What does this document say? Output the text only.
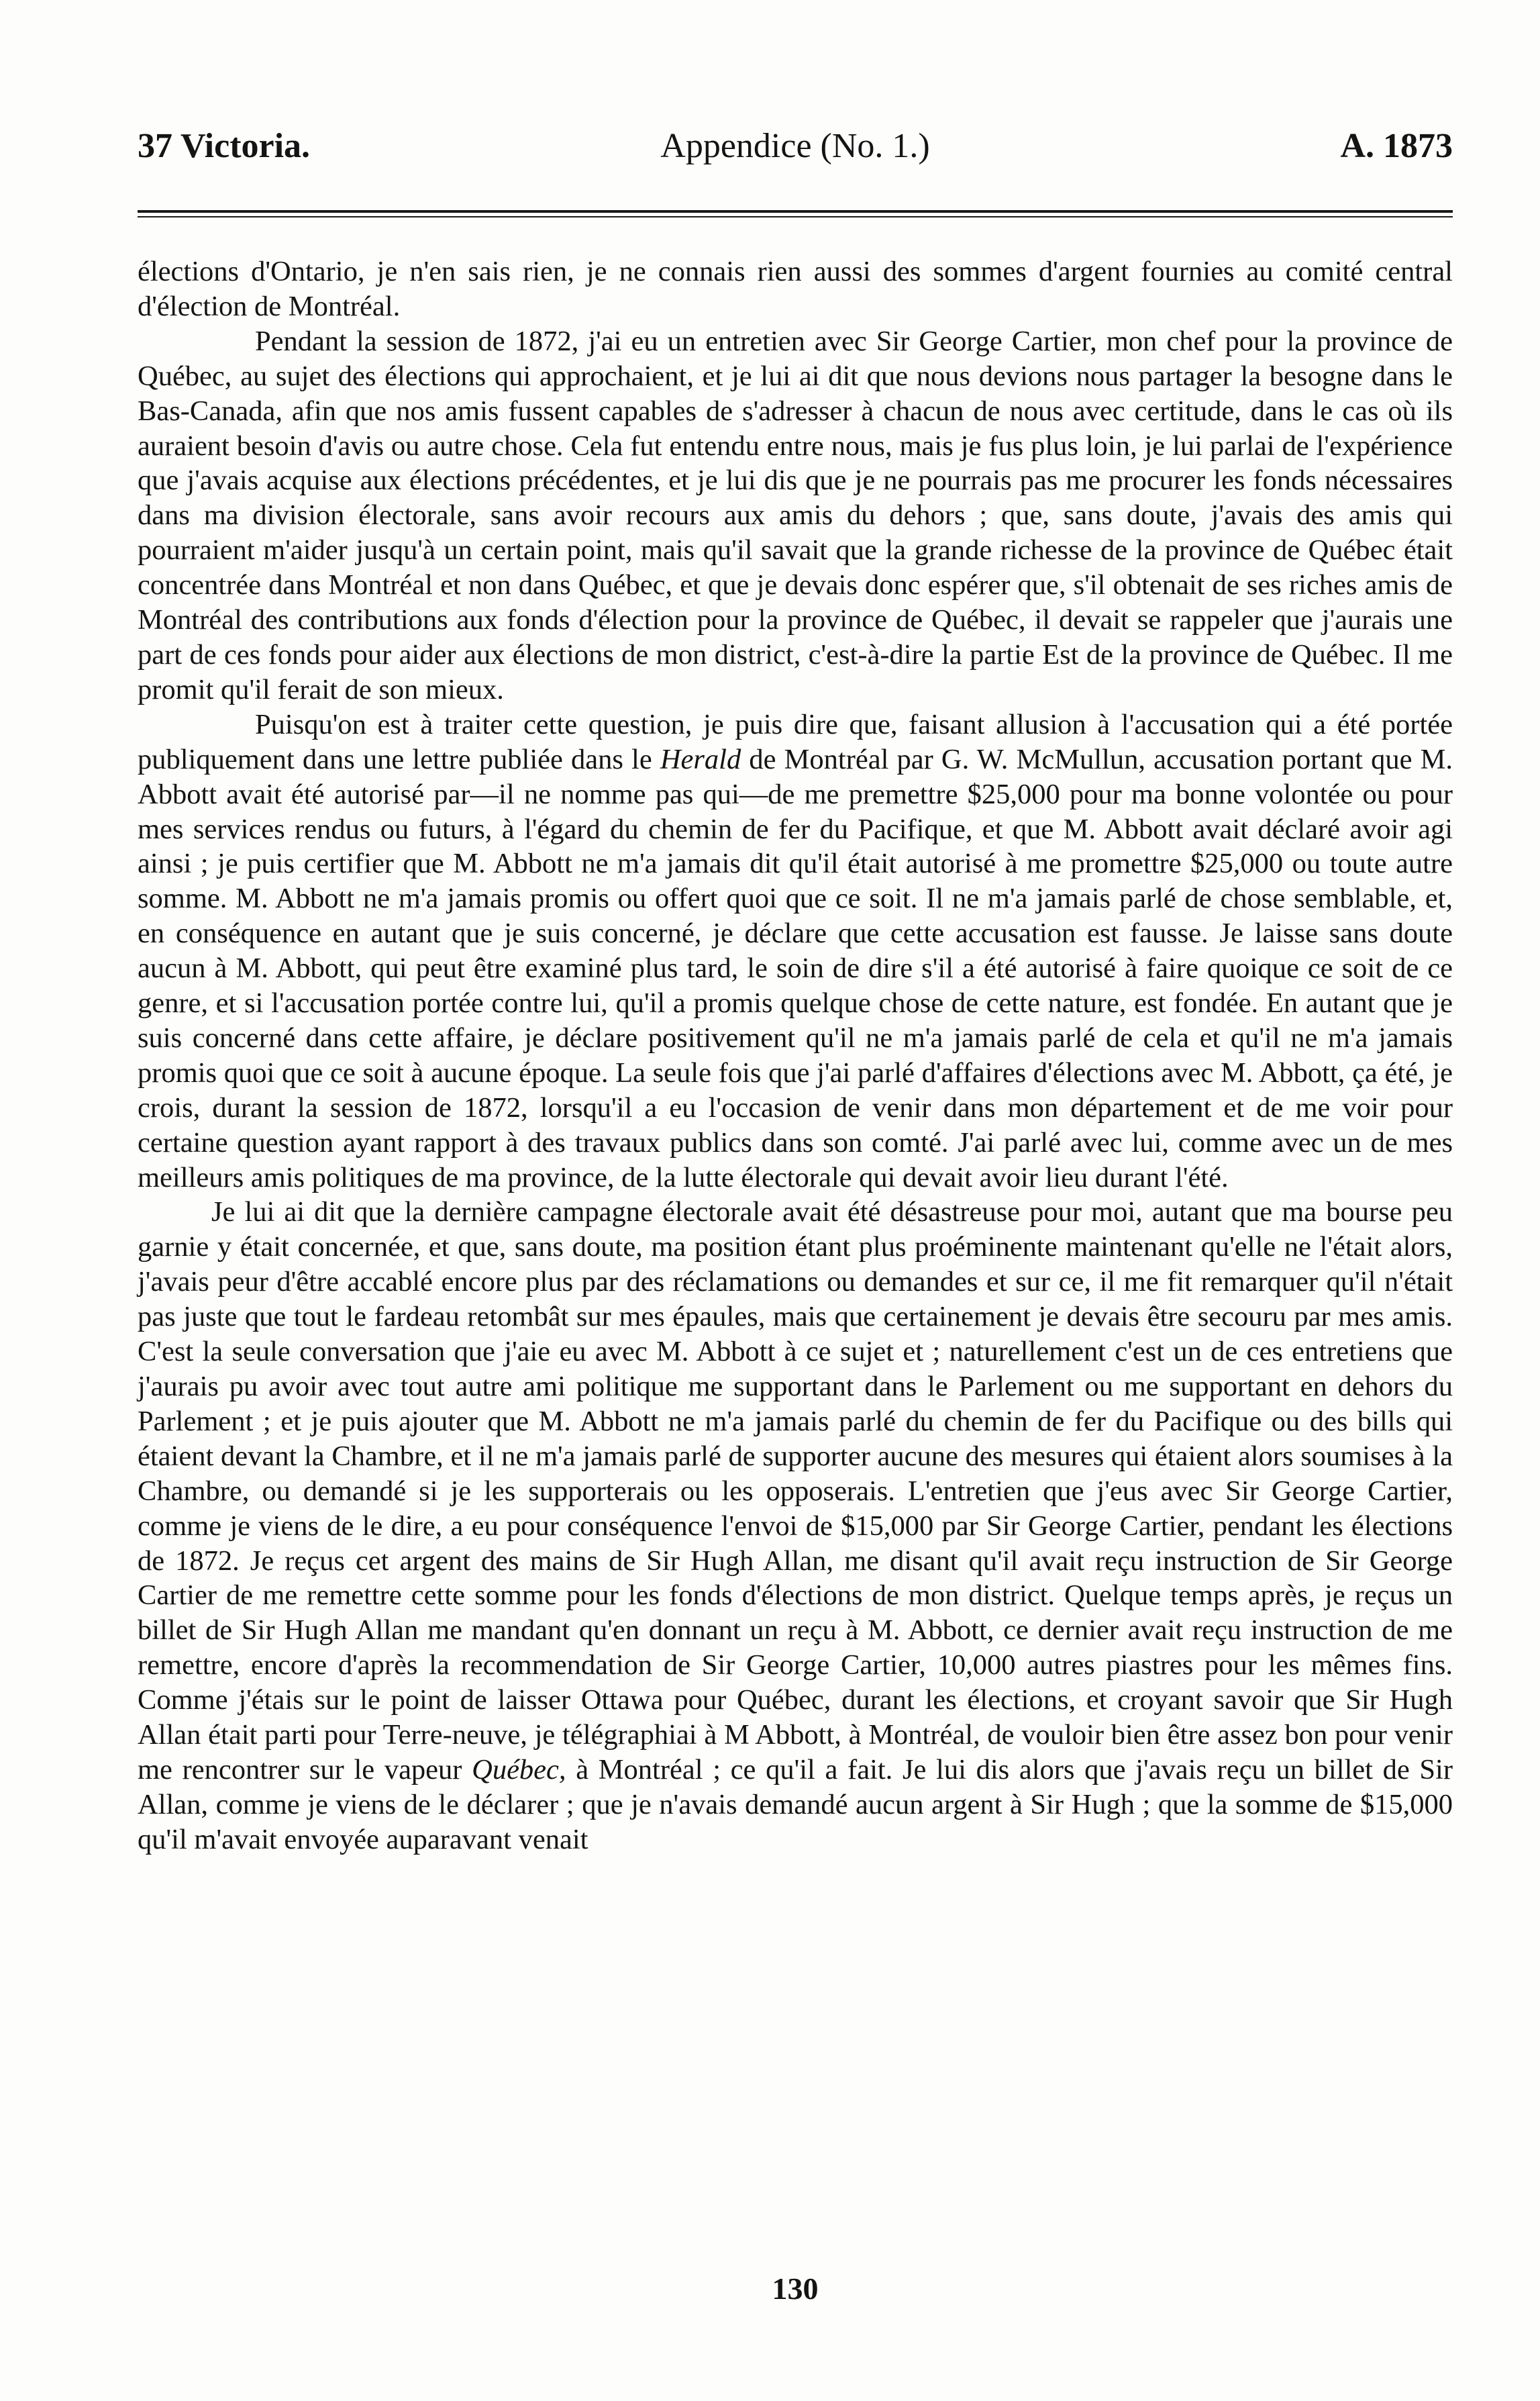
37 Victoria.	Appendice (No. 1.)	A. 1873

élections d'Ontario, je n'en sais rien, je ne connais rien aussi des sommes d'argent fournies au comité central d'élection de Montréal.

Pendant la session de 1872, j'ai eu un entretien avec Sir George Cartier, mon chef pour la province de Québec, au sujet des élections qui approchaient, et je lui ai dit que nous devions nous partager la besogne dans le Bas-Canada, afin que nos amis fussent capables de s'adresser à chacun de nous avec certitude, dans le cas où ils auraient besoin d'avis ou autre chose. Cela fut entendu entre nous, mais je fus plus loin, je lui parlai de l'expérience que j'avais acquise aux élections précédentes, et je lui dis que je ne pourrais pas me procurer les fonds nécessaires dans ma division électorale, sans avoir recours aux amis du dehors ; que, sans doute, j'avais des amis qui pourraient m'aider jusqu'à un certain point, mais qu'il savait que la grande richesse de la province de Québec était concentrée dans Montréal et non dans Québec, et que je devais donc espérer que, s'il obtenait de ses riches amis de Montréal des contributions aux fonds d'élection pour la province de Québec, il devait se rappeler que j'aurais une part de ces fonds pour aider aux élections de mon district, c'est-à-dire la partie Est de la province de Québec. Il me promit qu'il ferait de son mieux.

Puisqu'on est à traiter cette question, je puis dire que, faisant allusion à l'accusation qui a été portée publiquement dans une lettre publiée dans le Herald de Montréal par G. W. McMullun, accusation portant que M. Abbott avait été autorisé par—il ne nomme pas qui—de me premettre $25,000 pour ma bonne volontée ou pour mes services rendus ou futurs, à l'égard du chemin de fer du Pacifique, et que M. Abbott avait déclaré avoir agi ainsi ; je puis certifier que M. Abbott ne m'a jamais dit qu'il était autorisé à me promettre $25,000 ou toute autre somme. M. Abbott ne m'a jamais promis ou offert quoi que ce soit. Il ne m'a jamais parlé de chose semblable, et, en conséquence en autant que je suis concerné, je déclare que cette accusation est fausse. Je laisse sans doute aucun à M. Abbott, qui peut être examiné plus tard, le soin de dire s'il a été autorisé à faire quoique ce soit de ce genre, et si l'accusation portée contre lui, qu'il a promis quelque chose de cette nature, est fondée. En autant que je suis concerné dans cette affaire, je déclare positivement qu'il ne m'a jamais parlé de cela et qu'il ne m'a jamais promis quoi que ce soit à aucune époque. La seule fois que j'ai parlé d'affaires d'élections avec M. Abbott, ça été, je crois, durant la session de 1872, lorsqu'il a eu l'occasion de venir dans mon département et de me voir pour certaine question ayant rapport à des travaux publics dans son comté. J'ai parlé avec lui, comme avec un de mes meilleurs amis politiques de ma province, de la lutte électorale qui devait avoir lieu durant l'été.

Je lui ai dit que la dernière campagne électorale avait été désastreuse pour moi, autant que ma bourse peu garnie y était concernée, et que, sans doute, ma position étant plus proéminente maintenant qu'elle ne l'était alors, j'avais peur d'être accablé encore plus par des réclamations ou demandes et sur ce, il me fit remarquer qu'il n'était pas juste que tout le fardeau retombât sur mes épaules, mais que certainement je devais être secouru par mes amis. C'est la seule conversation que j'aie eu avec M. Abbott à ce sujet et ; naturellement c'est un de ces entretiens que j'aurais pu avoir avec tout autre ami politique me supportant dans le Parlement ou me supportant en dehors du Parlement ; et je puis ajouter que M. Abbott ne m'a jamais parlé du chemin de fer du Pacifique ou des bills qui étaient devant la Chambre, et il ne m'a jamais parlé de supporter aucune des mesures qui étaient alors soumises à la Chambre, ou demandé si je les supporterais ou les opposerais. L'entretien que j'eus avec Sir George Cartier, comme je viens de le dire, a eu pour conséquence l'envoi de $15,000 par Sir George Cartier, pendant les élections de 1872. Je reçus cet argent des mains de Sir Hugh Allan, me disant qu'il avait reçu instruction de Sir George Cartier de me remettre cette somme pour les fonds d'élections de mon district. Quelque temps après, je reçus un billet de Sir Hugh Allan me mandant qu'en donnant un reçu à M. Abbott, ce dernier avait reçu instruction de me remettre, encore d'après la recommendation de Sir George Cartier, 10,000 autres piastres pour les mêmes fins. Comme j'étais sur le point de laisser Ottawa pour Québec, durant les élections, et croyant savoir que Sir Hugh Allan était parti pour Terre-neuve, je télégraphiai à M Abbott, à Montréal, de vouloir bien être assez bon pour venir me rencontrer sur le vapeur Québec, à Montréal ; ce qu'il a fait. Je lui dis alors que j'avais reçu un billet de Sir Allan, comme je viens de le déclarer ; que je n'avais demandé aucun argent à Sir Hugh ; que la somme de $15,000 qu'il m'avait envoyée auparavant venait

130
